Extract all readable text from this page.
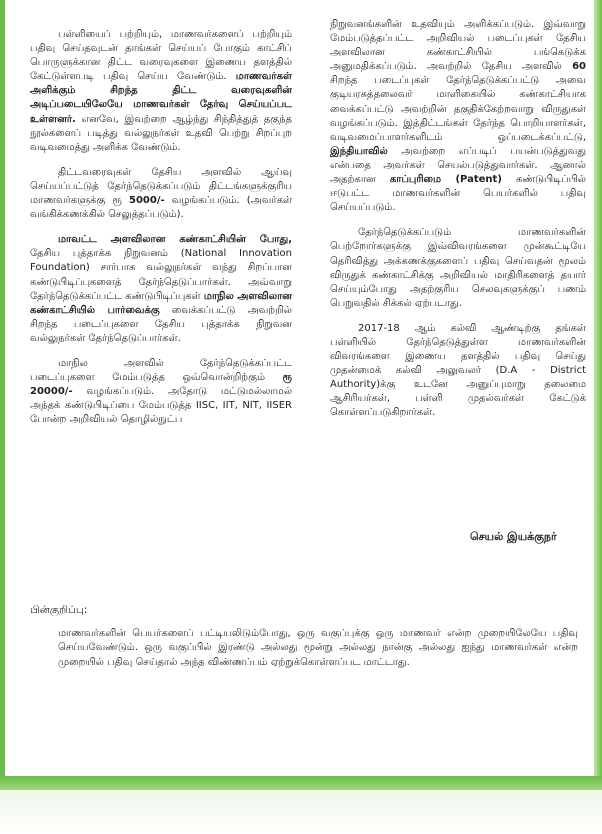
பள்ளியைப் பற்றியும், மாணவர்களைப் பற்றியும் பதிவு செய்தவுடன் தாங்கள் செய்யப் போகும் காட்சிப் பொருளுக்கான திட்ட வரைவுகளை இணைய தளத்தில் கேட்டுள்ளபடி பதிவு செய்ய வேண்டும். மாணவர்கள் அளிக்கும் சிறந்த திட்ட வரைவுகளின் அடிப்படையிலேயே மாணவர்கள் தேர்வு செய்யப்பட உள்ளனர். எனவே, இவற்றை ஆழ்ந்து சிந்தித்துத் தகுந்த நூல்களைப் படித்து வல்லுநர்கள் உதவி பெற்று சிறப்புற வடிவமைத்து அளிக்க வேண்டும்.

திட்டவரைவுகள் தேசிய அளவில் ஆய்வு செய்யப்பட்டுத் தேர்ந்தெடுக்கப்படும் திட்டங்களுக்குரிய மாணவர்களுக்கு ரூ 5000/- வழங்கப்படும். (அவர்கள் வங்கிக்கணக்கில் செலுத்தப்படும்).

மாவட்ட அளவிலான கண்காட்சியின் போது, தேசிய புத்தாக்க நிறுவனம் (National Innovation Foundation) சார்பாக வல்லுநர்கள் வந்து சிறப்பான கண்டுபிடிப்புகளைத் தேர்ந்தெடுப்பார்கள். அவ்வாறு தேர்ந்தெடுக்கப்பட்ட கண்டுபிடிப்புகள் மாநில அளவிலான கண்காட்சியில் பார்வைக்கு வைக்கப்பட்டு அவற்றில் சிறந்த படைப்புகளை தேசிய புத்தாக்க நிறுவன வல்லுநர்கள் தேர்ந்தெடுப்பார்கள்.

மாநில அளவில் தேர்ந்தெடுக்கப்பட்ட படைப்புகளை மேம்படுத்த ஒவ்வொன்றிற்கும் ரூ 20000/- வழங்கப்படும். அதோடு மட்டுமல்லாமல் அந்தக் கண்டுபிடிப்பை மேம்படுத்த IISC, IIT, NIT, IISER போன்ற அறிவியல் தொழில்நுட்ப

நிறுவனங்களின் உதவியும் அளிக்கப்படும். இவ்வாறு மேம்படுத்தப்பட்ட அறிவியல் படைப்புகள் தேசிய அளவிலான கண்காட்சியில் பங்கெடுக்க அனுமதிக்கப்படும். அவற்றில் தேசிய அளவில் 60 சிறந்த படைப்புகள் தேர்ந்தெடுக்கப்பட்டு அவை குடியரசுத்தலைவர் மாளிகையில் கண்காட்சியாக வைக்கப்பட்டு அவற்றின் தகுதிக்கேற்றவாறு விருதுகள் வழங்கப்படும். இத்திட்டங்கள் தேர்ந்த பொறியாளர்கள், வடிவமைப்பாளர்களிடம் ஒப்படைக்கப்பட்டு, இந்தியாவில் அவற்றை எப்படிப் பயன்படுத்துவது என்பதை அவர்கள் செயல்படுத்துவார்கள். ஆனால் அதற்கான காப்புரிமை (Patent) கண்டுபிடிப்பில் ஈடுபட்ட மாணவர்களின் பெயர்களில் பதிவு செய்யப்படும்.

தேர்ந்தெடுக்கப்படும் மாணவர்களின் பெற்றோர்களுக்கு இவ்விவரங்களை முன்கூட்டியே தெரிவித்து அக்கணக்குகளைப் பதிவு செய்வதன் மூலம் விருதுக் கண்காட்சிக்கு அறிவியல் மாதிரிகளைத் தயார் செய்யும்போது அதற்குரிய செலவுகளுக்குப் பணம் பெறுவதில் சிக்கல் ஏற்படாது.

2017-18 ஆம் கல்வி ஆண்டிற்கு தங்கள் பள்ளியில் தேர்ந்தெடுத்துள்ள மாணவர்களின் விவரங்களை இணைய தளத்தில் பதிவு செய்து முதன்மைக் கல்வி அலுவலர் (D.A - District Authority)க்கு உடனே அனுப்புமாறு தலைமை ஆசிரியர்கள், பள்ளி முதல்வர்கள் கேட்டுக் கொள்ளப்படுகிறார்கள்.

செயல் இயக்குநர்
பின்குறிப்பு:
மாணவர்களின் பெயர்களைப் பட்டியலிடும்போது, ஒரு வகுப்புக்கு ஒரு மாணவர் என்ற முறையிலேயே பதிவு செய்யவேண்டும். ஒரு வகுப்பில் இரண்டு அல்லது மூன்று அல்லது நான்கு அல்லது ஐந்து மாணவர்கள் என்ற முறையில் பதிவு செய்தால் அந்த விண்ணப்பம் ஏற்றுக்கொள்ளப்பட மாட்டாது.
